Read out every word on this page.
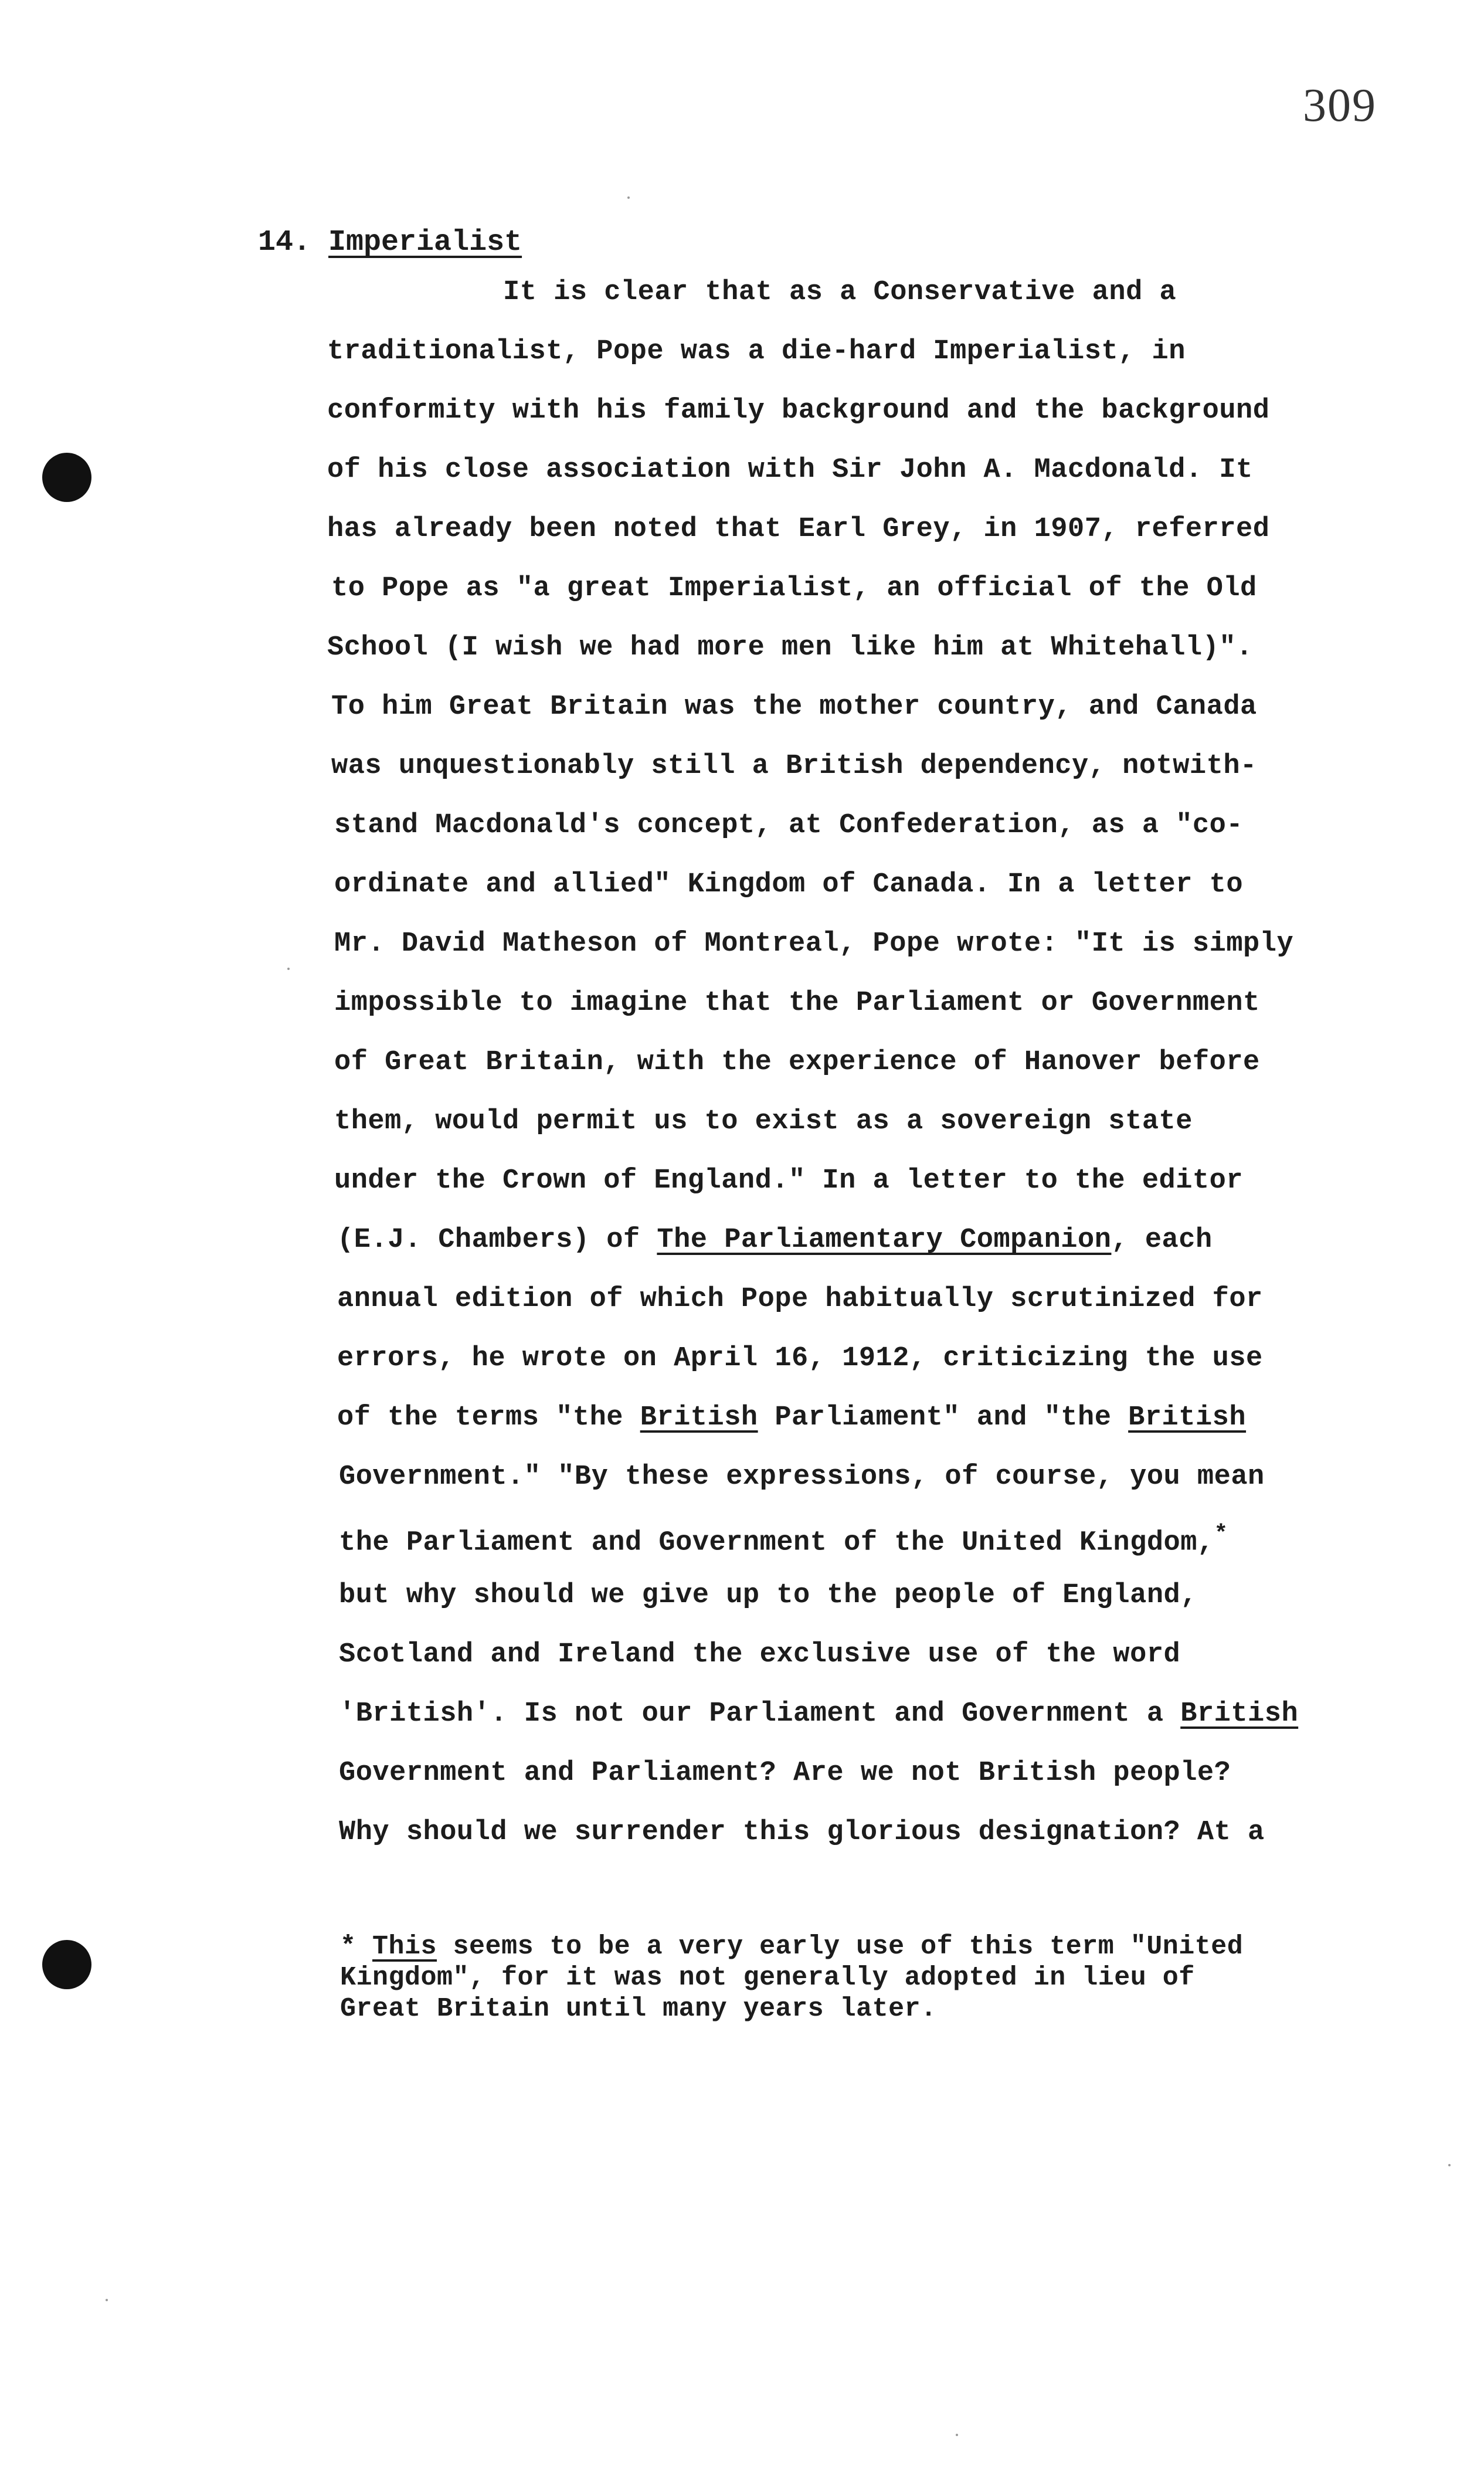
309
14. Imperialist
It is clear that as a Conservative and a
traditionalist, Pope was a die-hard Imperialist, in
conformity with his family background and the background
of his close association with Sir John A. Macdonald. It
has already been noted that Earl Grey, in 1907, referred
to Pope as "a great Imperialist, an official of the Old
School (I wish we had more men like him at Whitehall)".
To him Great Britain was the mother country, and Canada
was unquestionably still a British dependency, notwith-
stand Macdonald's concept, at Confederation, as a "co-
ordinate and allied" Kingdom of Canada. In a letter to
Mr. David Matheson of Montreal, Pope wrote: "It is simply
impossible to imagine that the Parliament or Government
of Great Britain, with the experience of Hanover before
them, would permit us to exist as a sovereign state
under the Crown of England." In a letter to the editor
(E.J. Chambers) of The Parliamentary Companion, each
annual edition of which Pope habitually scrutinized for
errors, he wrote on April 16, 1912, criticizing the use
of the terms "the British Parliament" and "the British
Government." "By these expressions, of course, you mean
the Parliament and Government of the United Kingdom,*
but why should we give up to the people of England,
Scotland and Ireland the exclusive use of the word
'British'. Is not our Parliament and Government a British
Government and Parliament? Are we not British people?
Why should we surrender this glorious designation? At a
* This seems to be a very early use of this term "United
Kingdom", for it was not generally adopted in lieu of
Great Britain until many years later.
